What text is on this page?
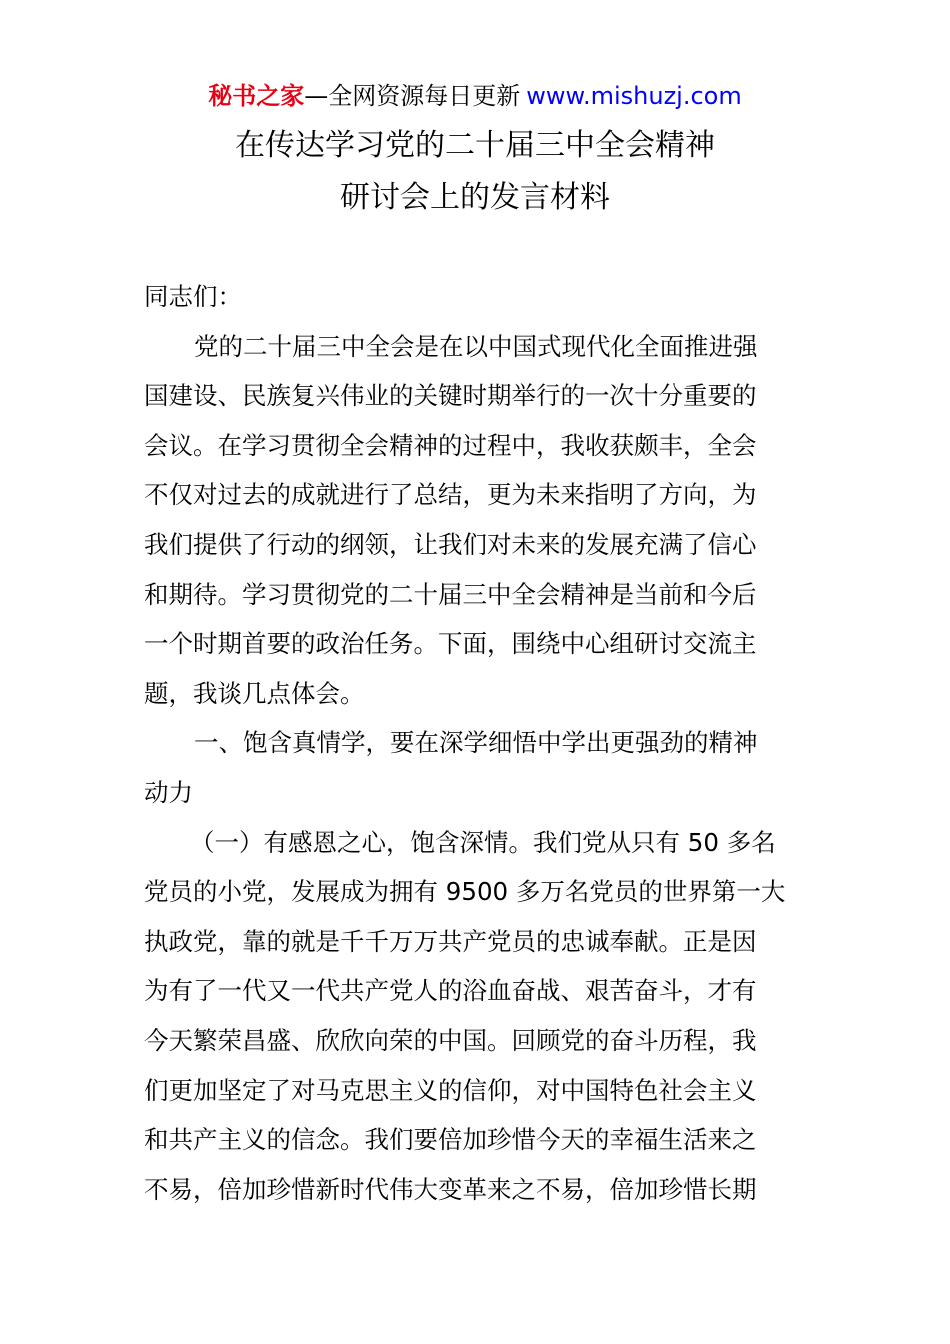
秘书之家—全网资源每日更新 www.mishuzj.com
在传达学习党的二十届三中全会精神
研讨会上的发言材料
同志们：
党的二十届三中全会是在以中国式现代化全面推进强
国建设、民族复兴伟业的关键时期举行的一次十分重要的
会议。在学习贯彻全会精神的过程中，我收获颇丰，全会
不仅对过去的成就进行了总结，更为未来指明了方向，为
我们提供了行动的纲领，让我们对未来的发展充满了信心
和期待。学习贯彻党的二十届三中全会精神是当前和今后
一个时期首要的政治任务。下面，围绕中心组研讨交流主
题，我谈几点体会。
一、饱含真情学，要在深学细悟中学出更强劲的精神
动力
（一）有感恩之心，饱含深情。我们党从只有 50 多名
党员的小党，发展成为拥有 9500 多万名党员的世界第一大
执政党，靠的就是千千万万共产党员的忠诚奉献。正是因
为有了一代又一代共产党人的浴血奋战、艰苦奋斗，才有
今天繁荣昌盛、欣欣向荣的中国。回顾党的奋斗历程，我
们更加坚定了对马克思主义的信仰，对中国特色社会主义
和共产主义的信念。我们要倍加珍惜今天的幸福生活来之
不易，倍加珍惜新时代伟大变革来之不易，倍加珍惜长期
